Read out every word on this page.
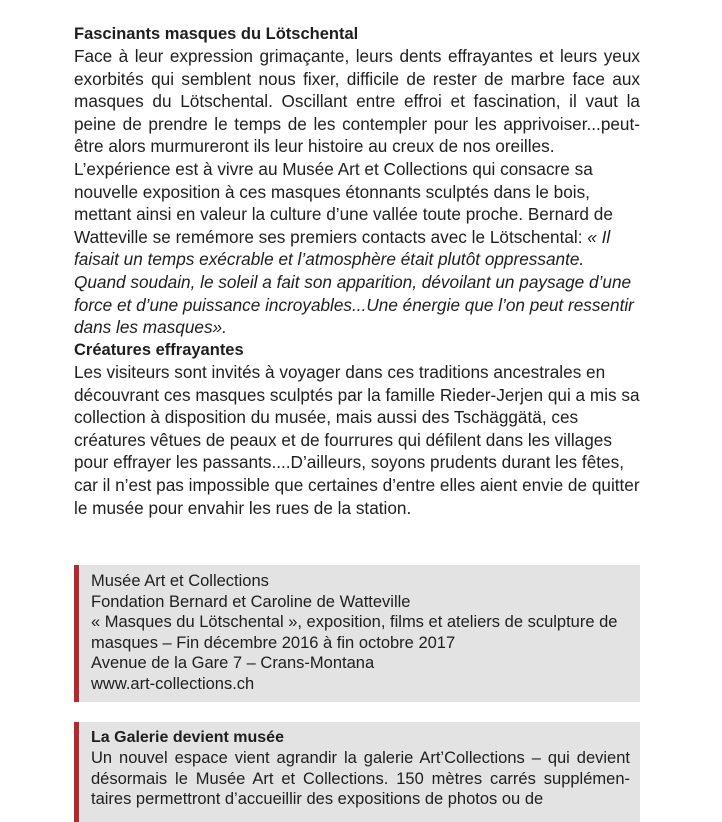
Fascinants masques du Lötschental

Face à leur expression grimaçante, leurs dents effrayantes et leurs yeux exorbités qui semblent nous fixer, difficile de rester de marbre face aux masques du Lötschental. Oscillant entre effroi et fascination, il vaut la peine de prendre le temps de les contempler pour les apprivoiser...peut-être alors murmureront ils leur histoire au creux de nos oreilles.

L’expérience est à vivre au Musée Art et Collections qui consacre sa nouvelle exposition à ces masques étonnants sculptés dans le bois, mettant ainsi en valeur la culture d’une vallée toute proche. Bernard de Watteville se remémore ses premiers contacts avec le Lötschental: « Il faisait un temps exécrable et l’atmosphère était plutôt oppressante. Quand soudain, le soleil a fait son apparition, dévoilant un paysage d’une force et d’une puissance incroyables...Une énergie que l’on peut ressentir dans les masques».

Créatures effrayantes

Les visiteurs sont invités à voyager dans ces traditions ancestrales en découvrant ces masques sculptés par la famille Rieder-Jerjen qui a mis sa collection à disposition du musée, mais aussi des Tschäggätä, ces créatures vêtues de peaux et de fourrures qui défilent dans les villages pour effrayer les passants....D’ailleurs, soyons prudents durant les fêtes, car il n’est pas impossible que certaines d’entre elles aient envie de quitter le musée pour envahir les rues de la station.

Musée Art et Collections

Fondation Bernard et Caroline de Watteville

« Masques du Lötschental », exposition, films et ateliers de sculpture de masques – Fin décembre 2016 à fin octobre 2017

Avenue de la Gare 7 – Crans-Montana

www.art-collections.ch

La Galerie devient musée

Un nouvel espace vient agrandir la galerie Art’Collections – qui devient désormais le Musée Art et Collections. 150 mètres carrés supplémen-taires permettront d’accueillir des expositions de photos ou de
